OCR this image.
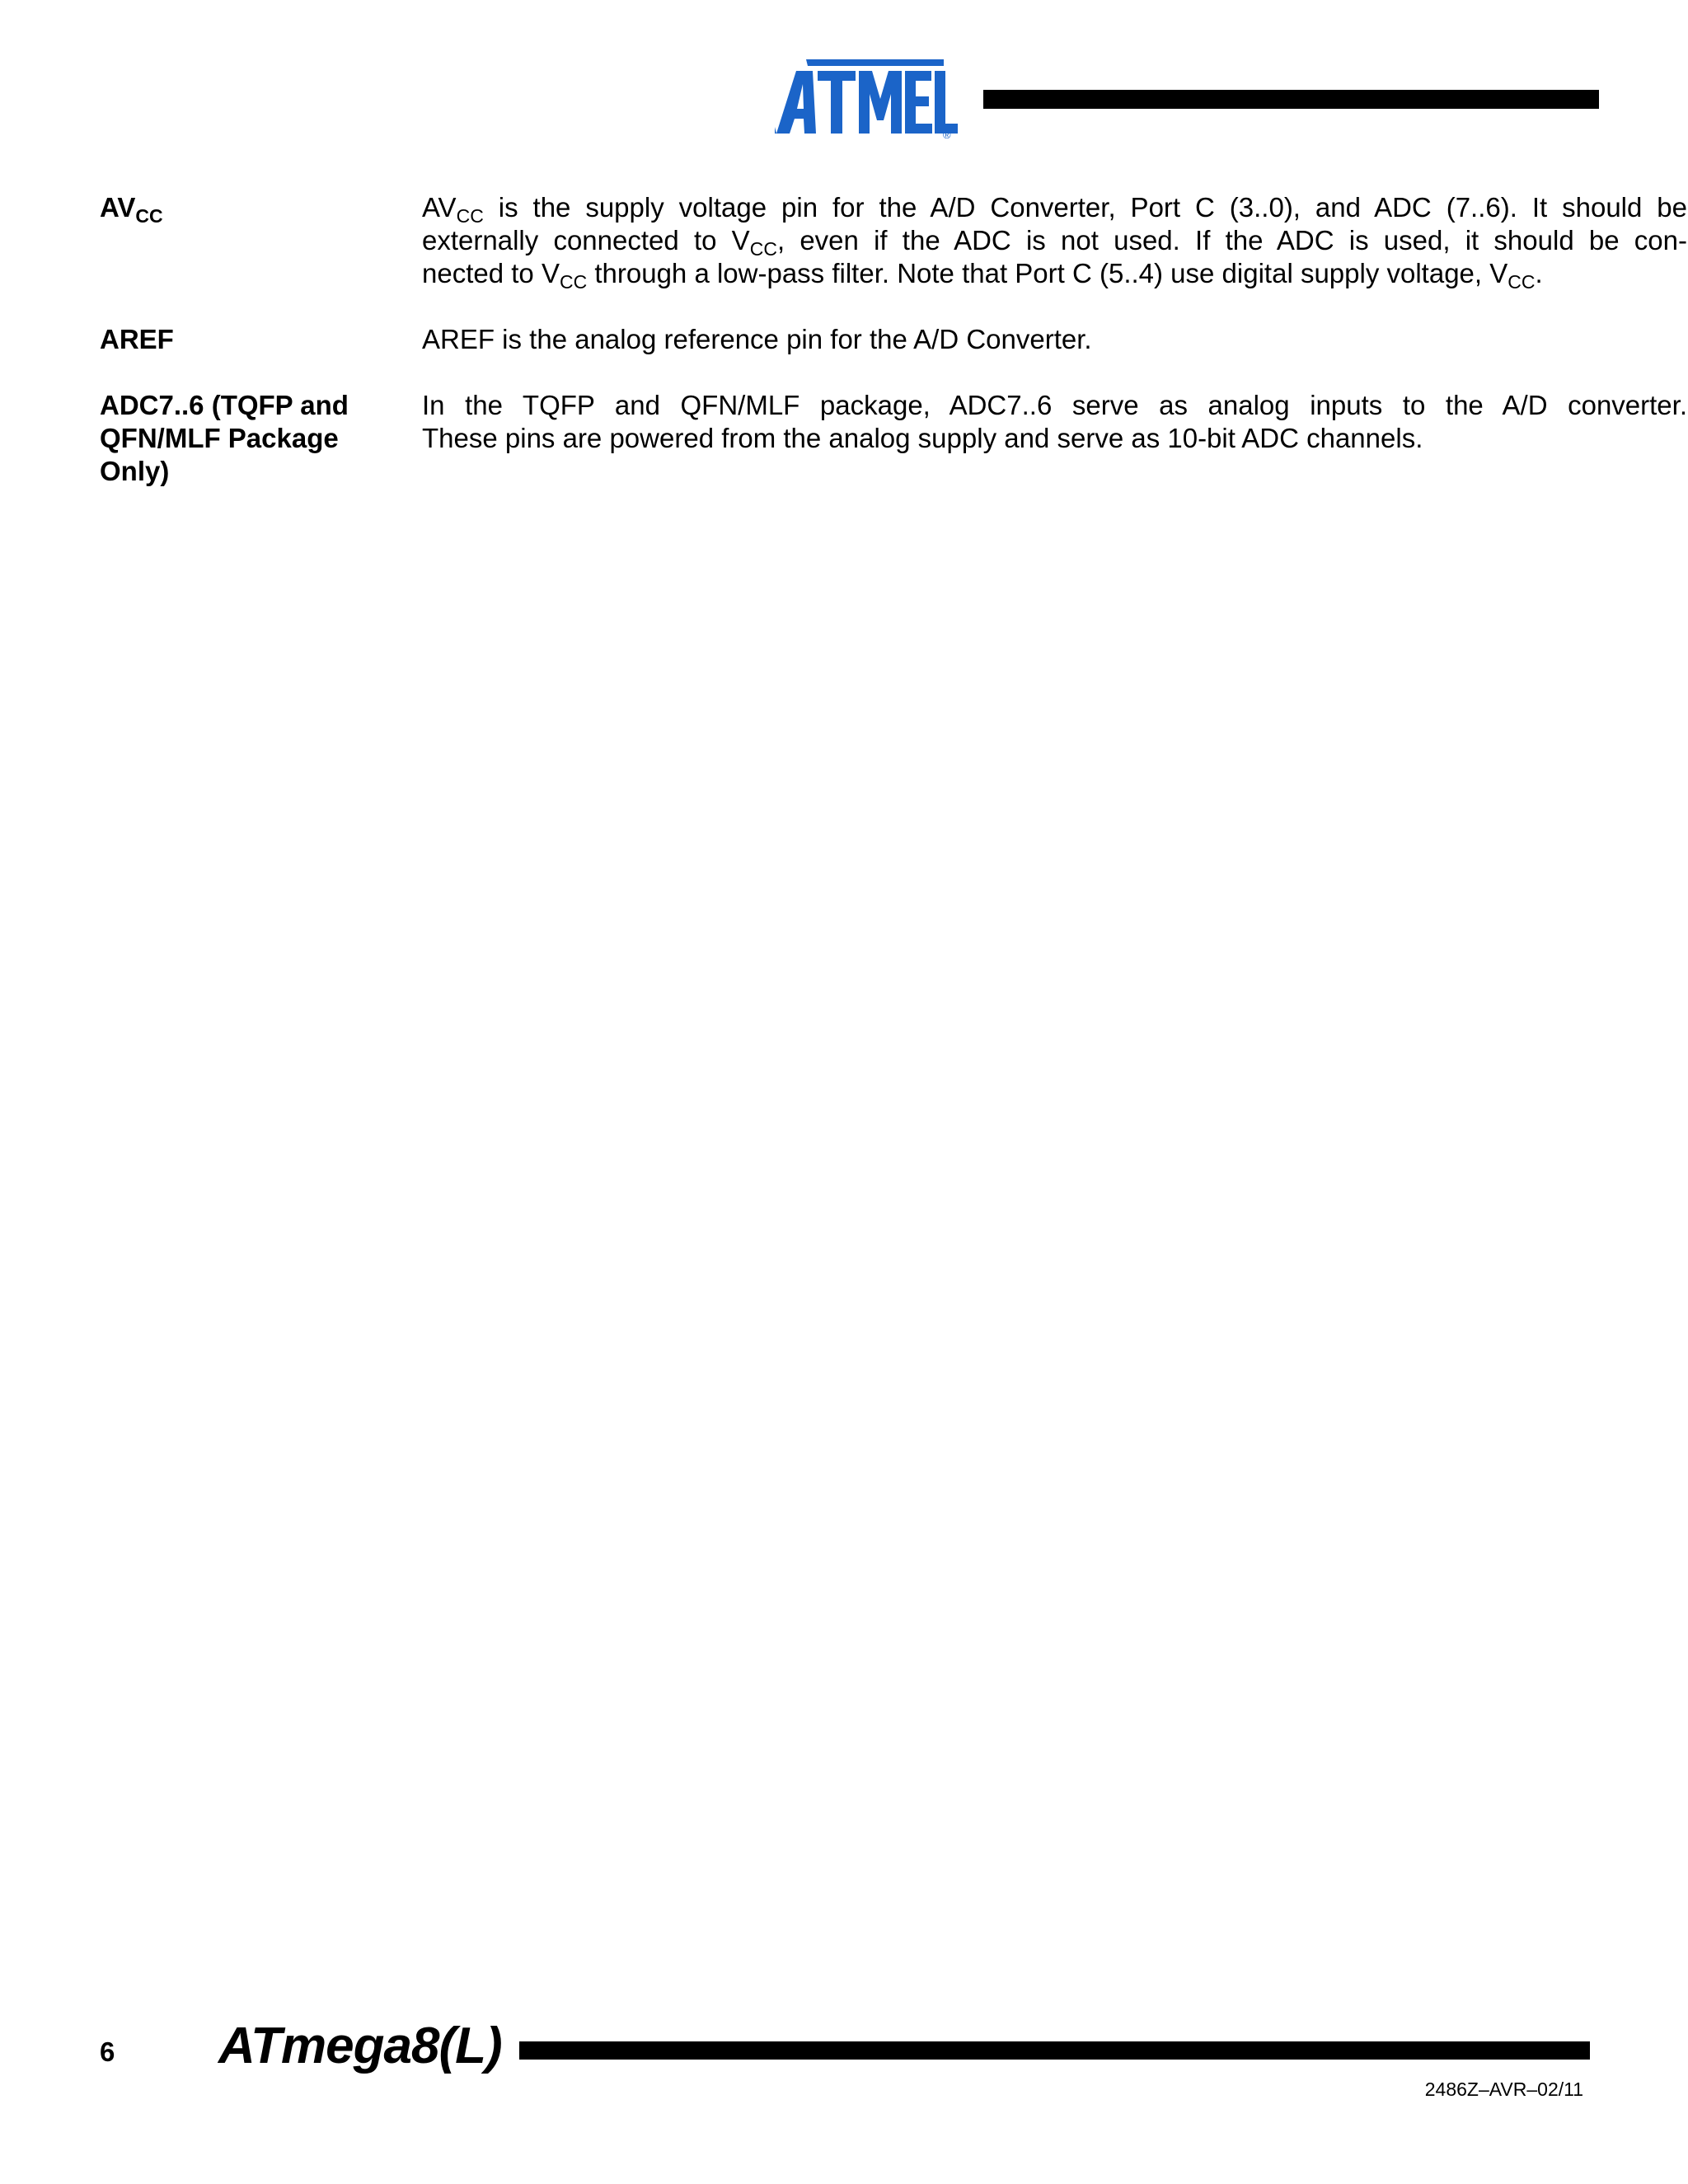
®
$AV_{CC}$	$AV_{CC}$ is the supply voltage pin for the A/D Converter, Port C (3..0), and ADC (7..6). It should be
externally connected to $V_{CC}$, even if the ADC is not used. If the ADC is used, it should be con-
nected to $V_{CC}$ through a low-pass filter. Note that Port C (5..4) use digital supply voltage, $V_{CC}$.
AREF	AREF is the analog reference pin for the A/D Converter.
ADC7..6 (TQFP and
QFN/MLF Package
Only)
In the TQFP and QFN/MLF package, ADC7..6 serve as analog inputs to the A/D converter.
These pins are powered from the analog supply and serve as 10-bit ADC channels.
6 ATmega8(L)
2486Z–AVR–02/11
